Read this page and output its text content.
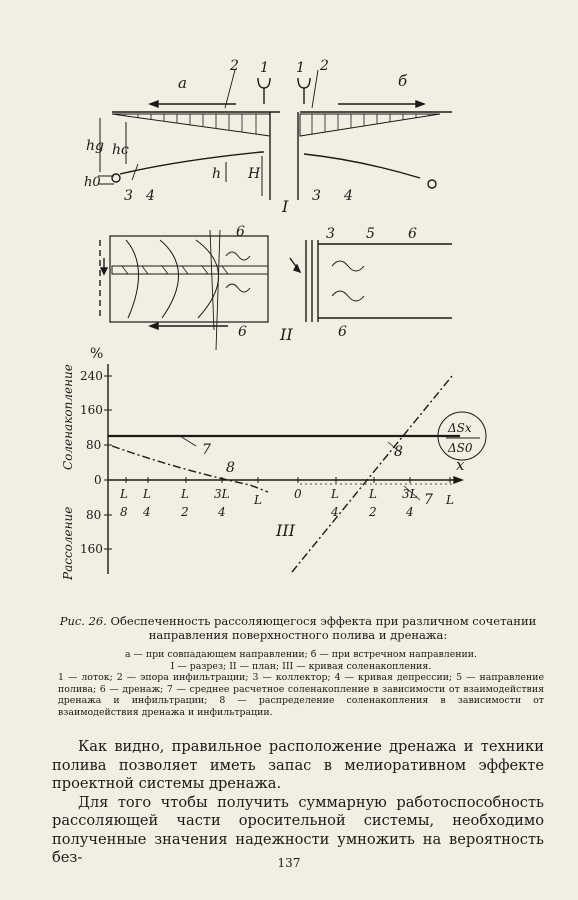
а	б
2 1 1 2
hg hс
h0
h H
3 4	3 4
I
6
6
3 5 6
6
II
%
240
160
80
0
80
160
Соленакопление
Рассоление
x
ΔSx
ΔS0
7
8
8
7
L
8
L
4
L
2
3L
4
L	0 L
4
L
2
3L
4
L
III
Рис. 26. Обеспеченность рассоляющегося эффекта при различном сочетании направления поверхностного полива и дренажа:
а — при совпадающем направлении; б — при встречном направлении.
I — разрез; II — план; III — кривая соленакопления.
1 — лоток; 2 — эпора инфильтрации; 3 — коллектор; 4 — кривая депрессии; 5 — направление полива; 6 — дренаж; 7 — среднее расчетное соленакопление в зависимости от взаимодействия дренажа и инфильтрации; 8 — распределение соленакопления в зависимости от взаимодействия дренажа и инфильтрации.

Как видно, правильное расположение дренажа и техники полива позволяет иметь запас в мелиоративном эффекте проектной системы дренажа.

Для того чтобы получить суммарную работоспособность рассоляющей части оросительной системы, необходимо полученные значения надежности умножить на вероятность без-	137
